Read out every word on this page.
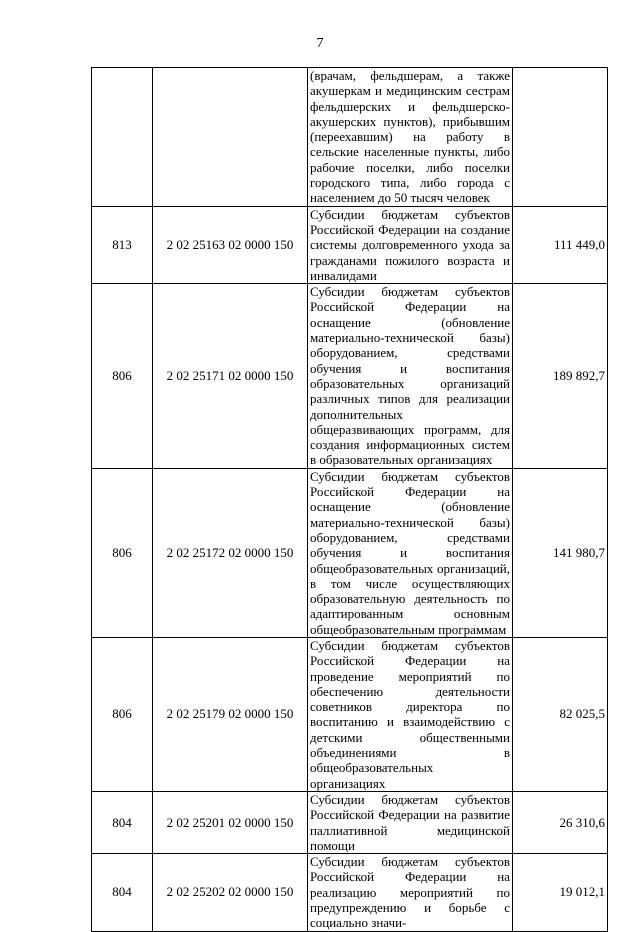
7
		(врачам, фельдшерам, а также акушеркам и медицинским сестрам фельдшерских и фельдшерско-акушерских пунктов), прибывшим (переехавшим) на работу в сельские населенные пункты, либо рабочие поселки, либо поселки городского типа, либо города с населением до 50 тысяч человек	
813	2 02 25163 02 0000 150	Субсидии бюджетам субъектов Российской Федерации на создание системы долговременного ухода за гражданами пожилого возраста и инвалидами	111 449,0
806	2 02 25171 02 0000 150	Субсидии бюджетам субъектов Российской Федерации на оснащение (обновление материально-технической базы) оборудованием, средствами обучения и воспитания образовательных организаций различных типов для реализации дополнительных общеразвивающих программ, для создания информационных систем в образовательных организациях	189 892,7
806	2 02 25172 02 0000 150	Субсидии бюджетам субъектов Российской Федерации на оснащение (обновление материально-технической базы) оборудованием, средствами обучения и воспитания общеобразовательных организаций, в том числе осуществляющих образовательную деятельность по адаптированным основным общеобразовательным программам	141 980,7
806	2 02 25179 02 0000 150	Субсидии бюджетам субъектов Российской Федерации на проведение мероприятий по обеспечению деятельности советников директора по воспитанию и взаимодействию с детскими общественными объединениями в общеобразовательных организациях	82 025,5
804	2 02 25201 02 0000 150	Субсидии бюджетам субъектов Российской Федерации на развитие паллиативной медицинской помощи	26 310,6
804	2 02 25202 02 0000 150	Субсидии бюджетам субъектов Российской Федерации на реализацию мероприятий по предупреждению и борьбе с социально значи-	19 012,1
